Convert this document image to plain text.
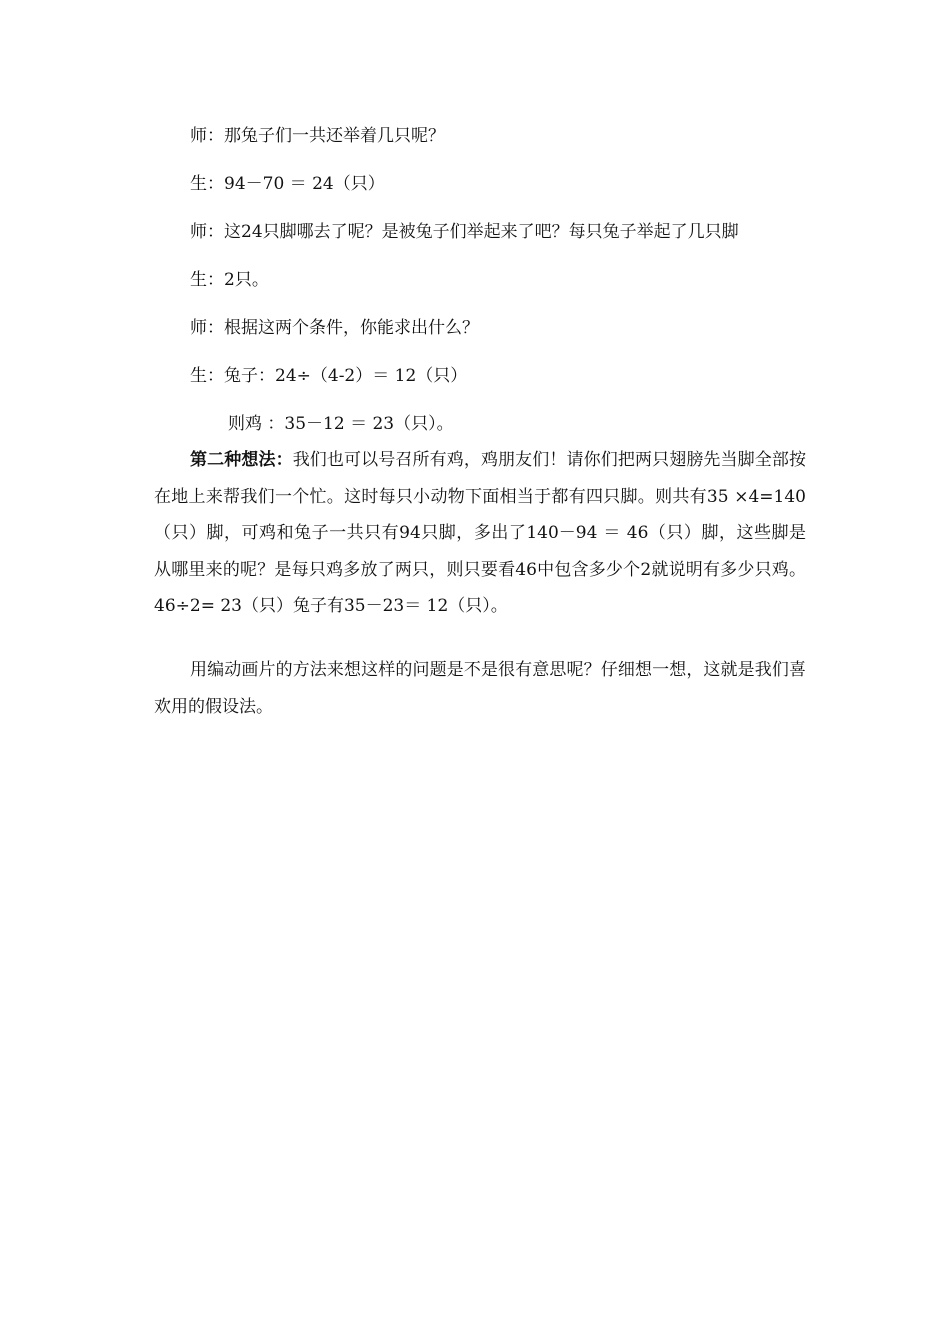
师：那兔子们一共还举着几只呢？
生：94－70 ＝ 24（只）
师：这24只脚哪去了呢？是被兔子们举起来了吧？每只兔子举起了几只脚
生：2只。
师：根据这两个条件，你能求出什么？
生：兔子：24÷（4-2）＝ 12（只）
则鸡 ：35－12 ＝ 23（只）。

第二种想法：我们也可以号召所有鸡，鸡朋友们！请你们把两只翅膀先当脚全部按在地上来帮我们一个忙。这时每只小动物下面相当于都有四只脚。则共有35 ×4=140（只）脚，可鸡和兔子一共只有94只脚，多出了140－94 ＝ 46（只）脚，这些脚是从哪里来的呢？是每只鸡多放了两只，则只要看46中包含多少个2就说明有多少只鸡。46÷2= 23（只）兔子有35－23＝ 12（只）。

用编动画片的方法来想这样的问题是不是很有意思呢？仔细想一想，这就是我们喜欢用的假设法。
